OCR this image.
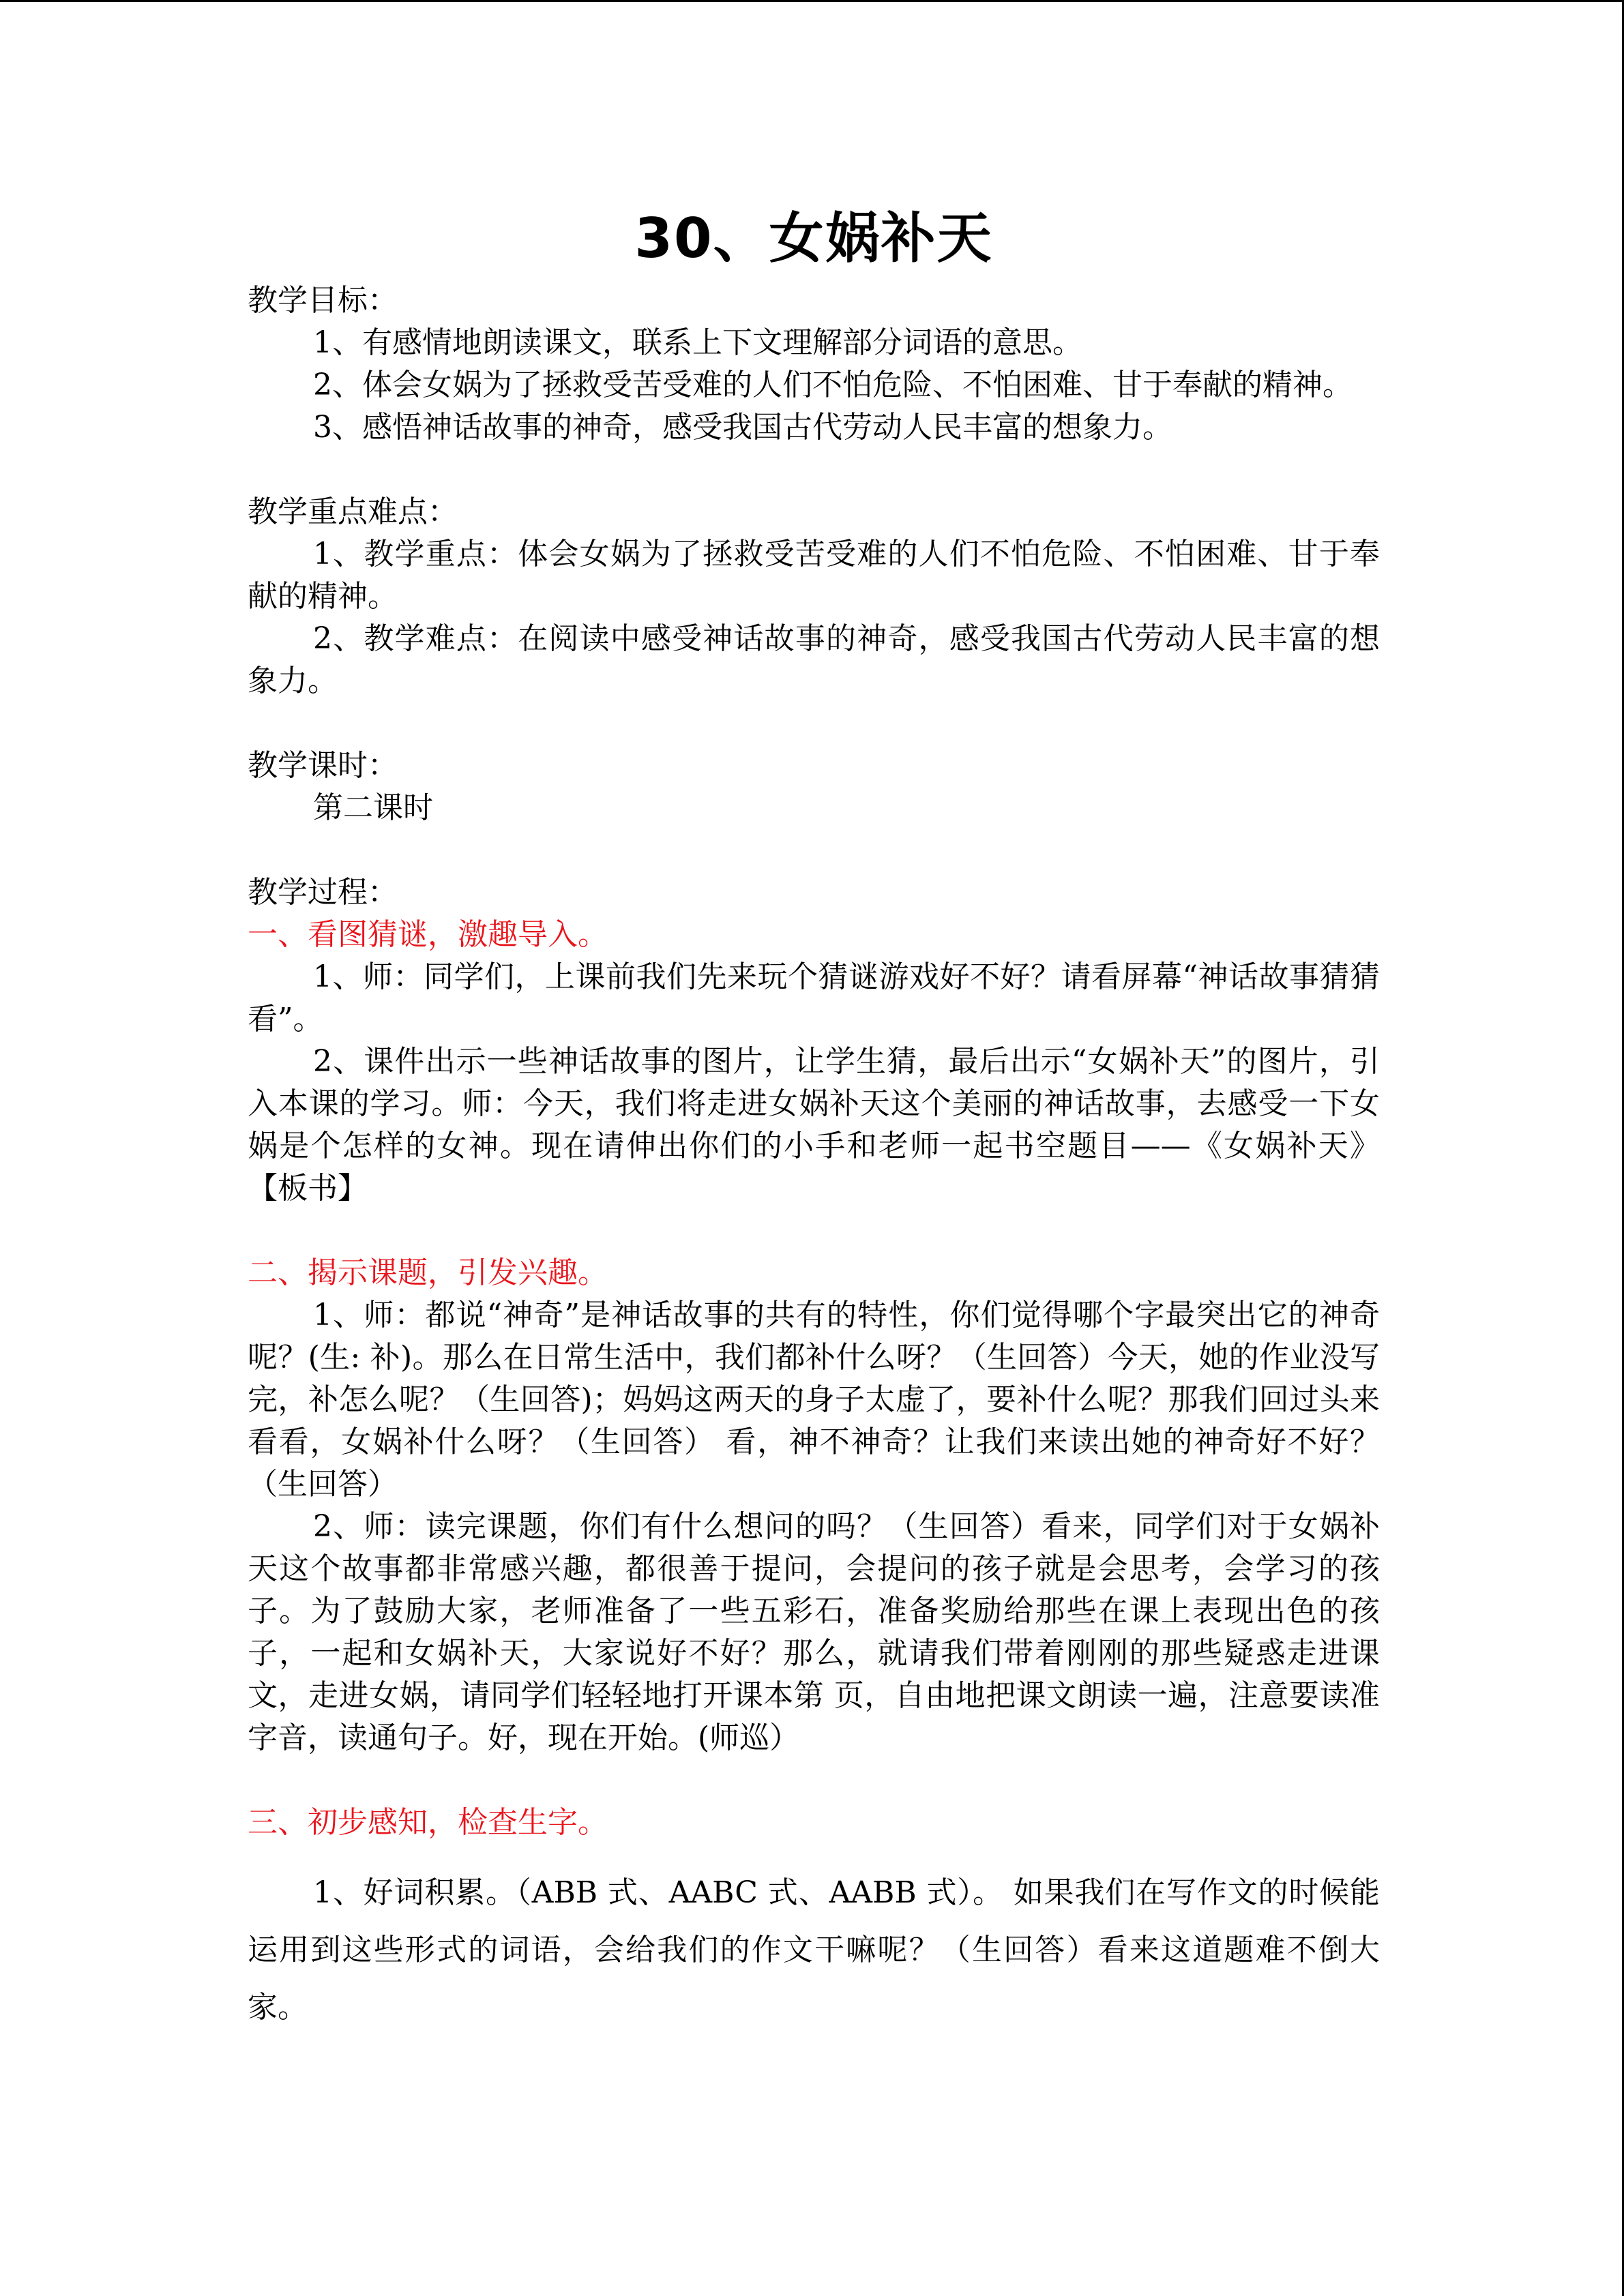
30、女娲补天

教学目标：

1、有感情地朗读课文，联系上下文理解部分词语的意思。

2、体会女娲为了拯救受苦受难的人们不怕危险、不怕困难、甘于奉献的精神。

3、感悟神话故事的神奇，感受我国古代劳动人民丰富的想象力。

教学重点难点：

1、教学重点：体会女娲为了拯救受苦受难的人们不怕危险、不怕困难、甘于奉献的精神。

2、教学难点：在阅读中感受神话故事的神奇，感受我国古代劳动人民丰富的想象力。

教学课时：

第二课时

教学过程：

一、看图猜谜，激趣导入。

1、师：同学们，上课前我们先来玩个猜谜游戏好不好？请看屏幕“神话故事猜猜看”。

2、课件出示一些神话故事的图片，让学生猜，最后出示“女娲补天”的图片，引入本课的学习。师：今天，我们将走进女娲补天这个美丽的神话故事，去感受一下女娲是个怎样的女神。现在请伸出你们的小手和老师一起书空题目——《女娲补天》 【板书】

二、揭示课题，引发兴趣。

1、师：都说“神奇”是神话故事的共有的特性，你们觉得哪个字最突出它的神奇呢？(生: 补)。那么在日常生活中，我们都补什么呀？（生回答）今天，她的作业没写完，补怎么呢？（生回答)；妈妈这两天的身子太虚了，要补什么呢？那我们回过头来看看，女娲补什么呀？（生回答） 看，神不神奇？让我们来读出她的神奇好不好？（生回答）

2、师：读完课题，你们有什么想问的吗？（生回答）看来，同学们对于女娲补天这个故事都非常感兴趣，都很善于提问，会提问的孩子就是会思考，会学习的孩子。为了鼓励大家，老师准备了一些五彩石，准备奖励给那些在课上表现出色的孩子，一起和女娲补天，大家说好不好？那么，就请我们带着刚刚的那些疑惑走进课文，走进女娲，请同学们轻轻地打开课本第 页，自由地把课文朗读一遍，注意要读准字音，读通句子。好，现在开始。(师巡）

三、初步感知，检查生字。

1、好词积累。（ABB 式、AABC 式、AABB 式）。 如果我们在写作文的时候能运用到这些形式的词语，会给我们的作文干嘛呢？（生回答）看来这道题难不倒大家。
